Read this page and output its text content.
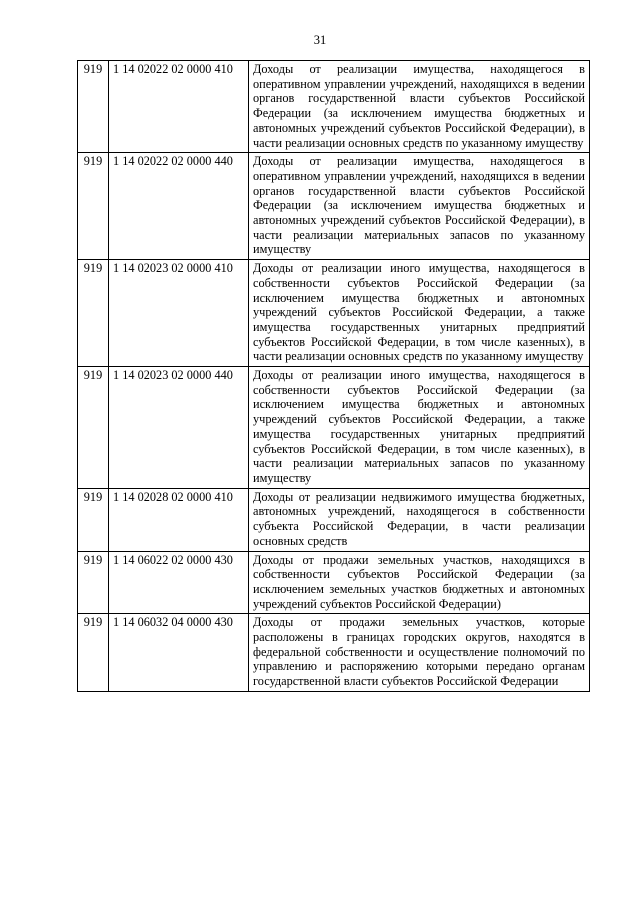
31
919	1 14 02022 02 0000 410	Доходы от реализации имущества, находящегося в оперативном управлении учреждений, находящихся в ведении органов государственной власти субъектов Российской Федерации (за исключением имущества бюджетных и автономных учреждений субъектов Российской Федерации), в части реализации основных средств по указанному имуществу
919	1 14 02022 02 0000 440	Доходы от реализации имущества, находящегося в оперативном управлении учреждений, находящихся в ведении органов государственной власти субъектов Российской Федерации (за исключением имущества бюджетных и автономных учреждений субъектов Российской Федерации), в части реализации материальных запасов по указанному имуществу
919	1 14 02023 02 0000 410	Доходы от реализации иного имущества, находящегося в собственности субъектов Российской Федерации (за исключением имущества бюджетных и автономных учреждений субъектов Российской Федерации, а также имущества государственных унитарных предприятий субъектов Российской Федерации, в том числе казенных), в части реализации основных средств по указанному имуществу
919	1 14 02023 02 0000 440	Доходы от реализации иного имущества, находящегося в собственности субъектов Российской Федерации (за исключением имущества бюджетных и автономных учреждений субъектов Российской Федерации, а также имущества государственных унитарных предприятий субъектов Российской Федерации, в том числе казенных), в части реализации материальных запасов по указанному имуществу
919	1 14 02028 02 0000 410	Доходы от реализации недвижимого имущества бюджетных, автономных учреждений, находящегося в собственности субъекта Российской Федерации, в части реализации основных средств
919	1 14 06022 02 0000 430	Доходы от продажи земельных участков, находящихся в собственности субъектов Российской Федерации (за исключением земельных участков бюджетных и автономных учреждений субъектов Российской Федерации)
919	1 14 06032 04 0000 430	Доходы от продажи земельных участков, которые расположены в границах городских округов, находятся в федеральной собственности и осуществление полномочий по управлению и распоряжению которыми передано органам государственной власти субъектов Российской Федерации
